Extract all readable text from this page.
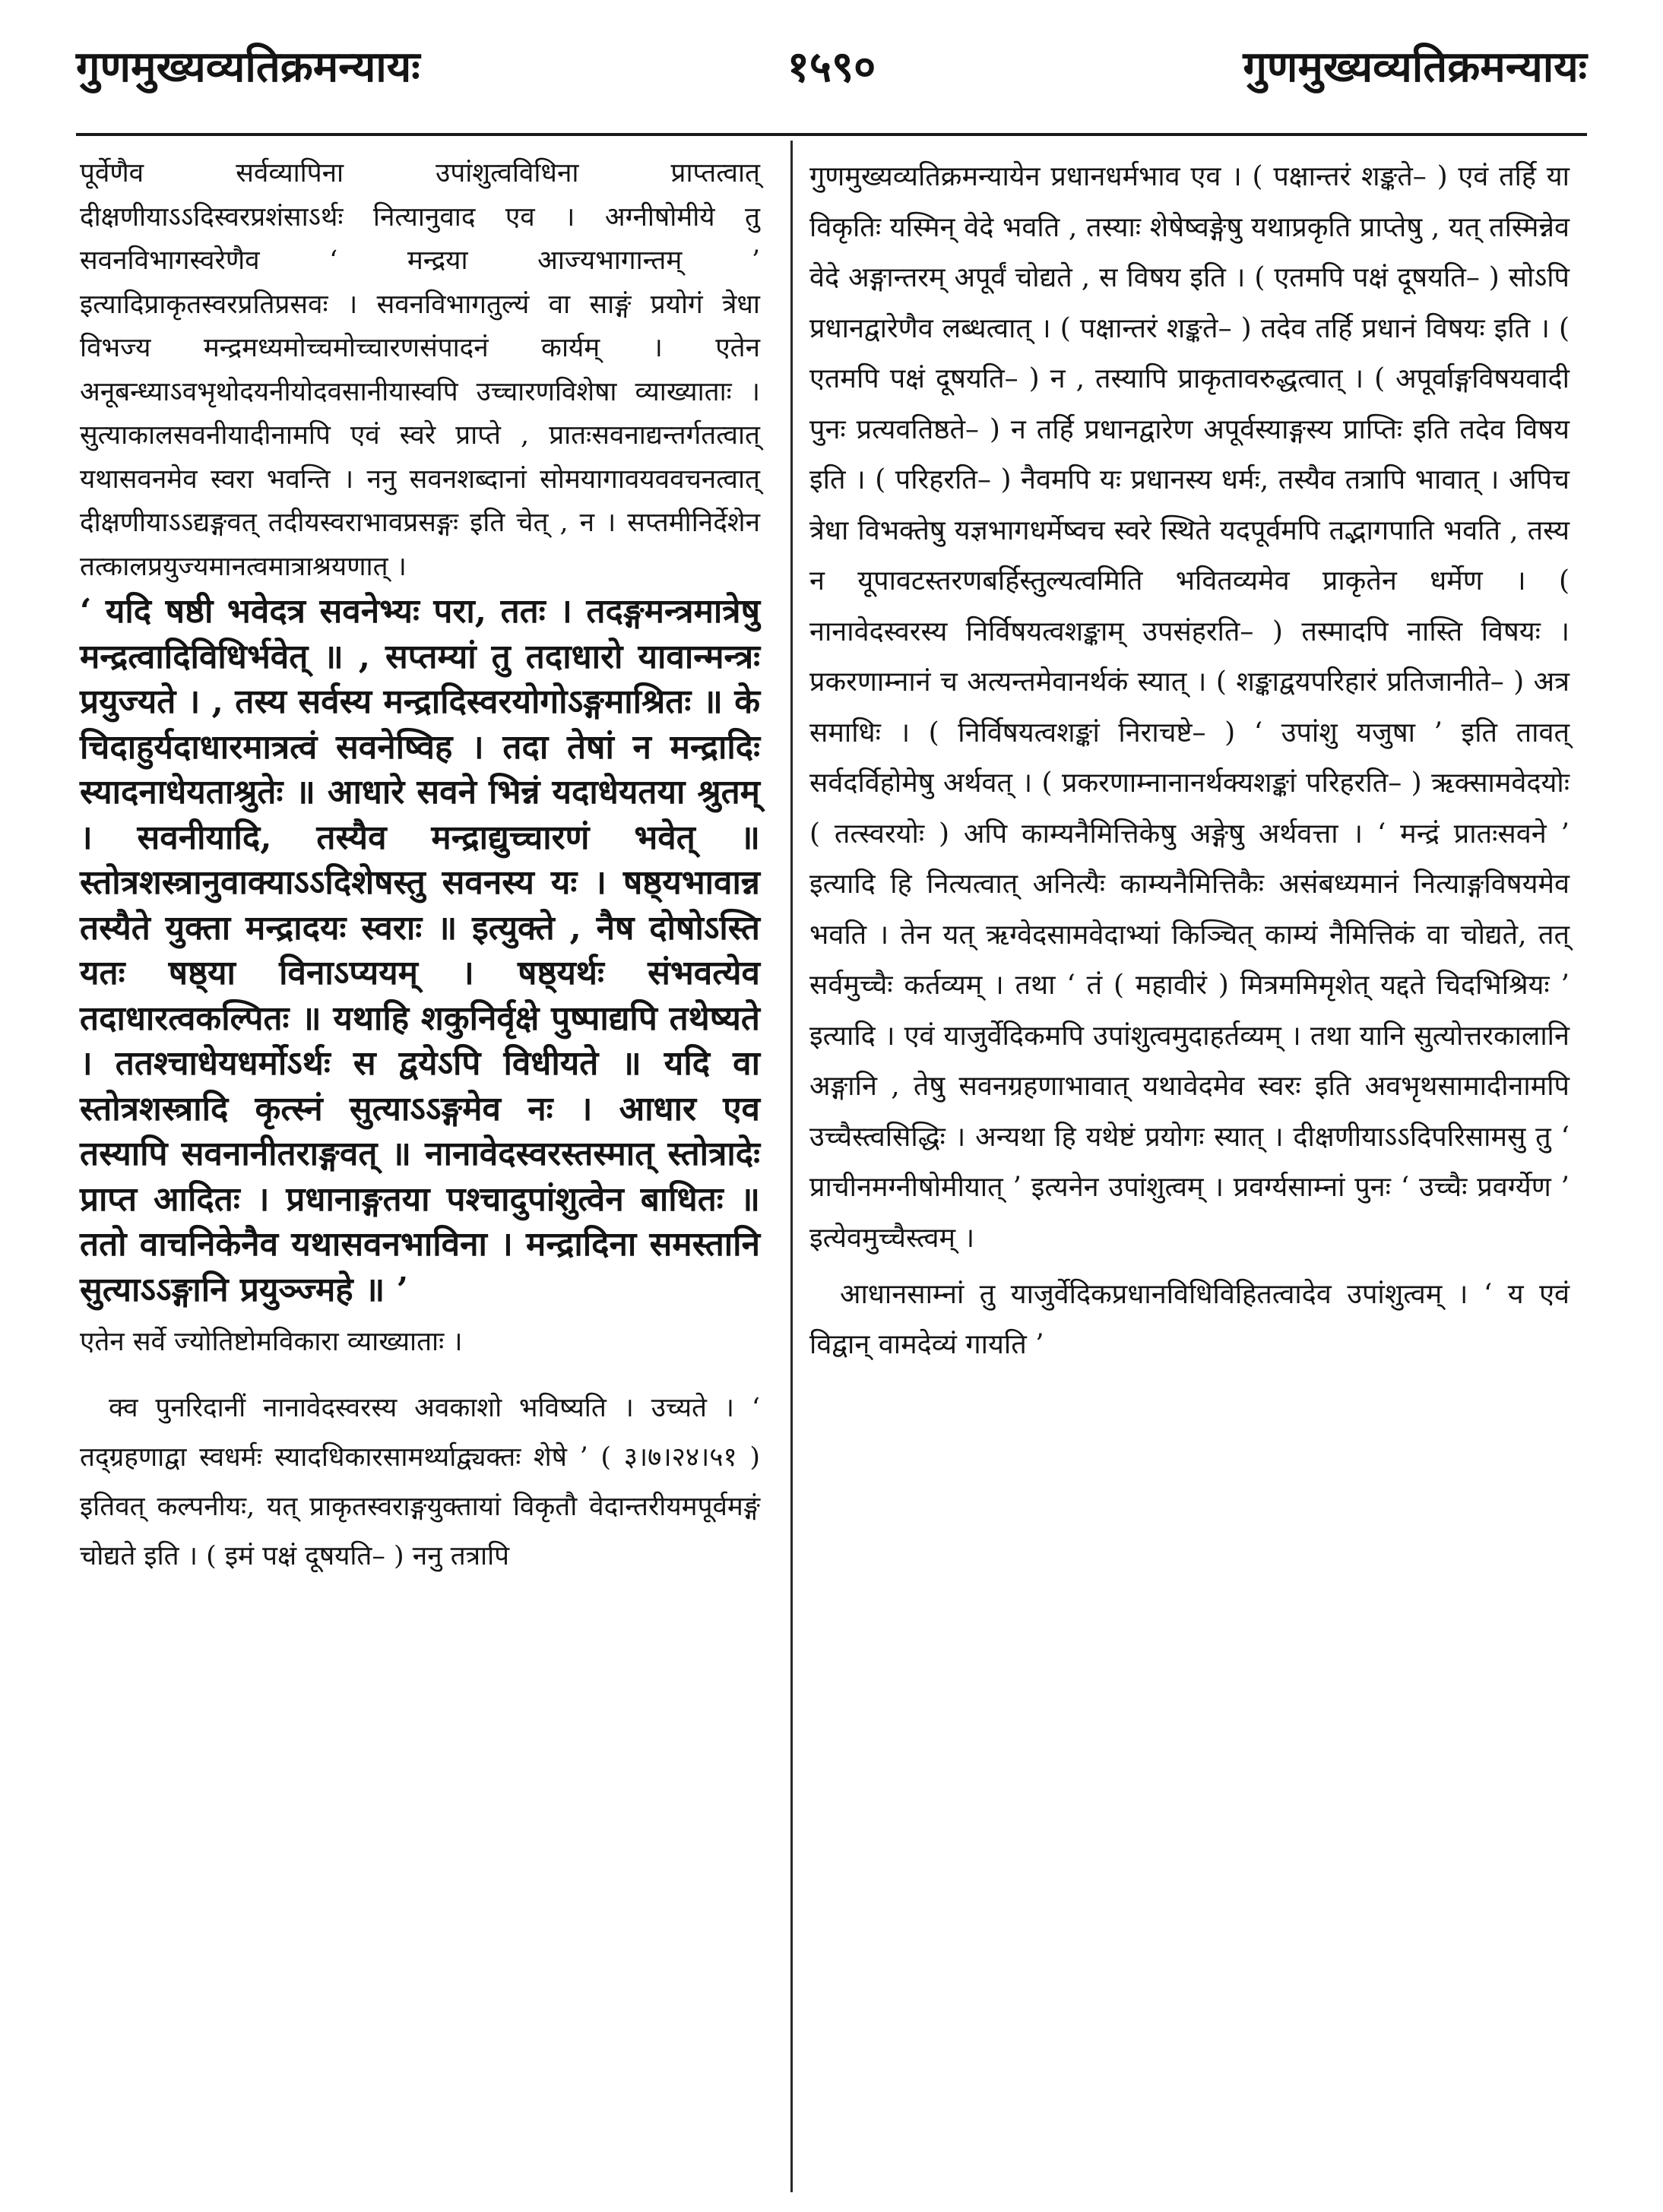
गुणमुख्यव्यतिक्रमन्यायः	१५९०	गुणमुख्यव्यतिक्रमन्यायः

पूर्वेणैव सर्वव्यापिना उपांशुत्वविधिना प्राप्तत्वात् दीक्षणीयाऽऽदिस्वरप्रशंसाऽर्थः नित्यानुवाद एव । अग्नीषोमीये तु सवनविभागस्वरेणैव ‘ मन्द्रया आज्यभागान्तम् ’ इत्यादिप्राकृतस्वरप्रतिप्रसवः । सवनविभागतुल्यं वा साङ्गं प्रयोगं त्रेधा विभज्य मन्द्रमध्यमोच्चमोच्चारणसंपादनं कार्यम् । एतेन अनूबन्ध्याऽवभृथोदयनीयोदवसानीयास्वपि उच्चारणविशेषा व्याख्याताः । सुत्याकालसवनीयादीनामपि एवं स्वरे प्राप्ते , प्रातःसवनाद्यन्तर्गतत्वात् यथासवनमेव स्वरा भवन्ति । ननु सवनशब्दानां सोमयागावयववचनत्वात् दीक्षणीयाऽऽद्यङ्गवत् तदीयस्वराभावप्रसङ्गः इति चेत् , न । सप्तमीनिर्देशेन तत्कालप्रयुज्यमानत्वमात्राश्रयणात् ।

‘ यदि षष्ठी भवेदत्र सवनेभ्यः परा, ततः । तदङ्गमन्त्रमात्रेषु मन्द्रत्वादिविधिर्भवेत् ॥ , सप्तम्यां तु तदाधारो यावान्मन्त्रः प्रयुज्यते । , तस्य सर्वस्य मन्द्रादिस्वरयोगोऽङ्गमाश्रितः ॥ के चिदाहुर्यदाधारमात्रत्वं सवनेष्विह । तदा तेषां न मन्द्रादिः स्यादनाधेयताश्रुतेः ॥ आधारे सवने भिन्नं यदाधेयतया श्रुतम् । सवनीयादि, तस्यैव मन्द्राद्युच्चारणं भवेत् ॥ स्तोत्रशस्त्रानुवाक्याऽऽदिशेषस्तु सवनस्य यः । षष्ठ्यभावान्न तस्यैते युक्ता मन्द्रादयः स्वराः ॥ इत्युक्ते , नैष दोषोऽस्ति यतः षष्ठ्या विनाऽप्ययम् । षष्ठ्यर्थः संभवत्येव तदाधारत्वकल्पितः ॥ यथाहि शकुनिर्वृक्षे पुष्पाद्यपि तथेष्यते । ततश्चाधेयधर्मोऽर्थः स द्वयेऽपि विधीयते ॥ यदि वा स्तोत्रशस्त्रादि कृत्स्नं सुत्याऽऽङ्गमेव नः । आधार एव तस्यापि सवनानीतराङ्गवत् ॥ नानावेदस्वरस्तस्मात् स्तोत्रादेः प्राप्त आदितः । प्रधानाङ्गतया पश्चादुपांशुत्वेन बाधितः ॥ ततो वाचनिकेनैव यथासवनभाविना । मन्द्रादिना समस्तानि सुत्याऽऽङ्गानि प्रयुञ्ज्महे ॥ ’

एतेन सर्वे ज्योतिष्टोमविकारा व्याख्याताः ।

क्व पुनरिदानीं नानावेदस्वरस्य अवकाशो भविष्यति । उच्यते । ‘ तद्ग्रहणाद्वा स्वधर्मः स्यादधिकारसामर्थ्याद्व्यक्तः शेषे ’ ( ३।७।२४।५१ ) इतिवत् कल्पनीयः, यत् प्राकृतस्वराङ्गयुक्तायां विकृतौ वेदान्तरीयमपूर्वमङ्गं चोद्यते इति । ( इमं पक्षं दूषयति– ) ननु तत्रापि

गुणमुख्यव्यतिक्रमन्यायेन प्रधानधर्मभाव एव । ( पक्षान्तरं शङ्कते– ) एवं तर्हि या विकृतिः यस्मिन् वेदे भवति , तस्याः शेषेष्वङ्गेषु यथाप्रकृति प्राप्तेषु , यत् तस्मिन्नेव वेदे अङ्गान्तरम् अपूर्वं चोद्यते , स विषय इति । ( एतमपि पक्षं दूषयति– ) सोऽपि प्रधानद्वारेणैव लब्धत्वात् । ( पक्षान्तरं शङ्कते– ) तदेव तर्हि प्रधानं विषयः इति । ( एतमपि पक्षं दूषयति– ) न , तस्यापि प्राकृतावरुद्धत्वात् । ( अपूर्वाङ्गविषयवादी पुनः प्रत्यवतिष्ठते– ) न तर्हि प्रधानद्वारेण अपूर्वस्याङ्गस्य प्राप्तिः इति तदेव विषय इति । ( परिहरति– ) नैवमपि यः प्रधानस्य धर्मः, तस्यैव तत्रापि भावात् । अपिच त्रेधा विभक्तेषु यज्ञभागधर्मेष्वच स्वरे स्थिते यदपूर्वमपि तद्भागपाति भवति , तस्य न यूपावटस्तरणबर्हिस्तुल्यत्वमिति भवितव्यमेव प्राकृतेन धर्मेण । ( नानावेदस्वरस्य निर्विषयत्वशङ्काम् उपसंहरति– ) तस्मादपि नास्ति विषयः । प्रकरणाम्नानं च अत्यन्तमेवानर्थकं स्यात् । ( शङ्काद्वयपरिहारं प्रतिजानीते– ) अत्र समाधिः । ( निर्विषयत्वशङ्कां निराचष्टे– ) ‘ उपांशु यजुषा ’ इति तावत् सर्वदर्विहोमेषु अर्थवत् । ( प्रकरणाम्नानानर्थक्यशङ्कां परिहरति– ) ऋक्सामवेदयोः ( तत्स्वरयोः ) अपि काम्यनैमित्तिकेषु अङ्गेषु अर्थवत्ता । ‘ मन्द्रं प्रातःसवने ’ इत्यादि हि नित्यत्वात् अनित्यैः काम्यनैमित्तिकैः असंबध्यमानं नित्याङ्गविषयमेव भवति । तेन यत् ऋग्वेदसामवेदाभ्यां किञ्चित् काम्यं नैमित्तिकं वा चोद्यते, तत् सर्वमुच्चैः कर्तव्यम् । तथा ‘ तं ( महावीरं ) मित्रममिमृशेत् यद्दते चिदभिश्रियः ’ इत्यादि । एवं याजुर्वेदिकमपि उपांशुत्वमुदाहर्तव्यम् । तथा यानि सुत्योत्तरकालानि अङ्गानि , तेषु सवनग्रहणाभावात् यथावेदमेव स्वरः इति अवभृथसामादीनामपि उच्चैस्त्वसिद्धिः । अन्यथा हि यथेष्टं प्रयोगः स्यात् । दीक्षणीयाऽऽदिपरिसामसु तु ‘ प्राचीनमग्नीषोमीयात् ’ इत्यनेन उपांशुत्वम् । प्रवर्ग्यसाम्नां पुनः ‘ उच्चैः प्रवर्ग्येण ’ इत्येवमुच्चैस्त्वम् ।

आधानसाम्नां तु याजुर्वेदिकप्रधानविधिविहितत्वादेव उपांशुत्वम् । ‘ य एवं विद्वान् वामदेव्यं गायति ’
